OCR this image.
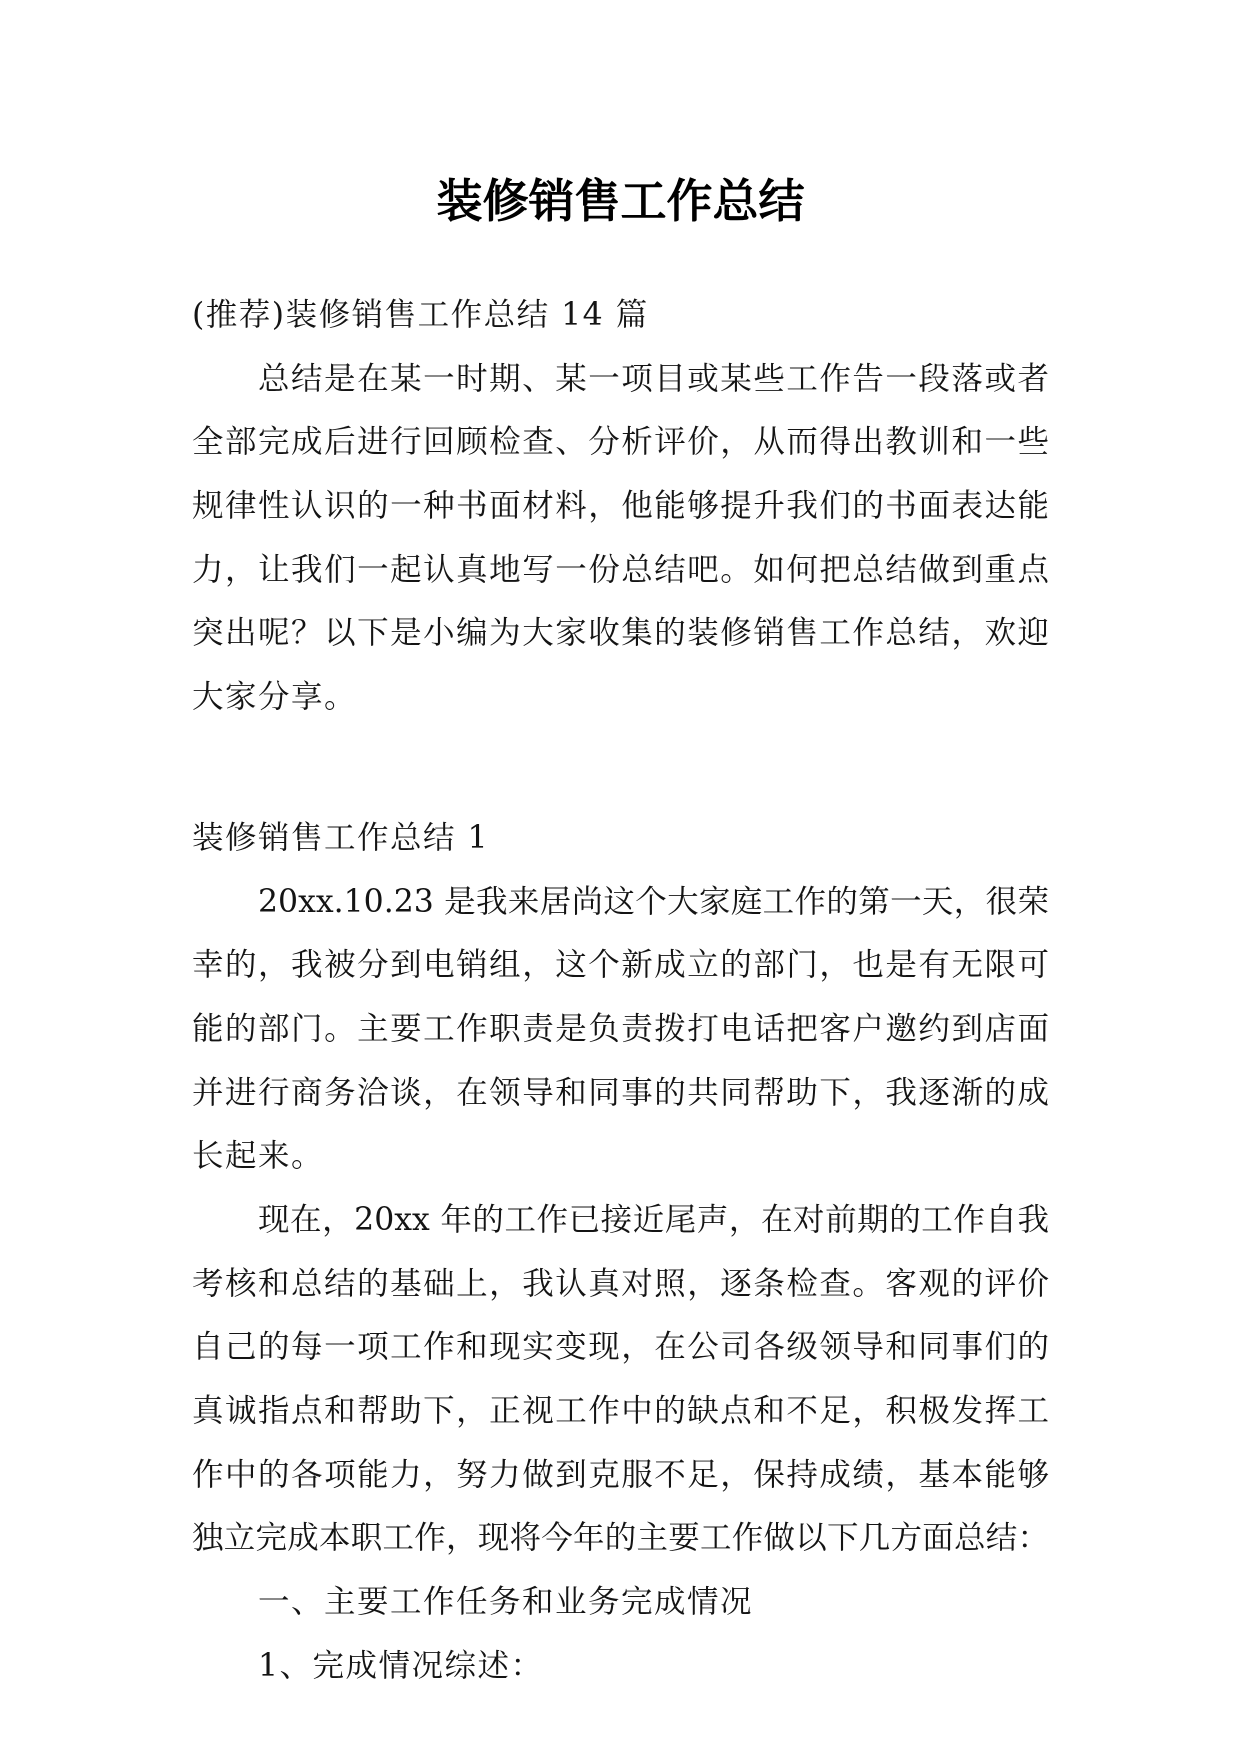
装修销售工作总结
(推荐)装修销售工作总结 14 篇
总结是在某一时期、某一项目或某些工作告一段落或者
全部完成后进行回顾检查、分析评价，从而得出教训和一些
规律性认识的一种书面材料，他能够提升我们的书面表达能
力，让我们一起认真地写一份总结吧。如何把总结做到重点
突出呢？以下是小编为大家收集的装修销售工作总结，欢迎
大家分享。
装修销售工作总结 1
20xx.10.23 是我来居尚这个大家庭工作的第一天，很荣
幸的，我被分到电销组，这个新成立的部门，也是有无限可
能的部门。主要工作职责是负责拨打电话把客户邀约到店面
并进行商务洽谈，在领导和同事的共同帮助下，我逐渐的成
长起来。
现在，20xx 年的工作已接近尾声，在对前期的工作自我
考核和总结的基础上，我认真对照，逐条检查。客观的评价
自己的每一项工作和现实变现，在公司各级领导和同事们的
真诚指点和帮助下，正视工作中的缺点和不足，积极发挥工
作中的各项能力，努力做到克服不足，保持成绩，基本能够
独立完成本职工作，现将今年的主要工作做以下几方面总结：
一、主要工作任务和业务完成情况
1、完成情况综述：
